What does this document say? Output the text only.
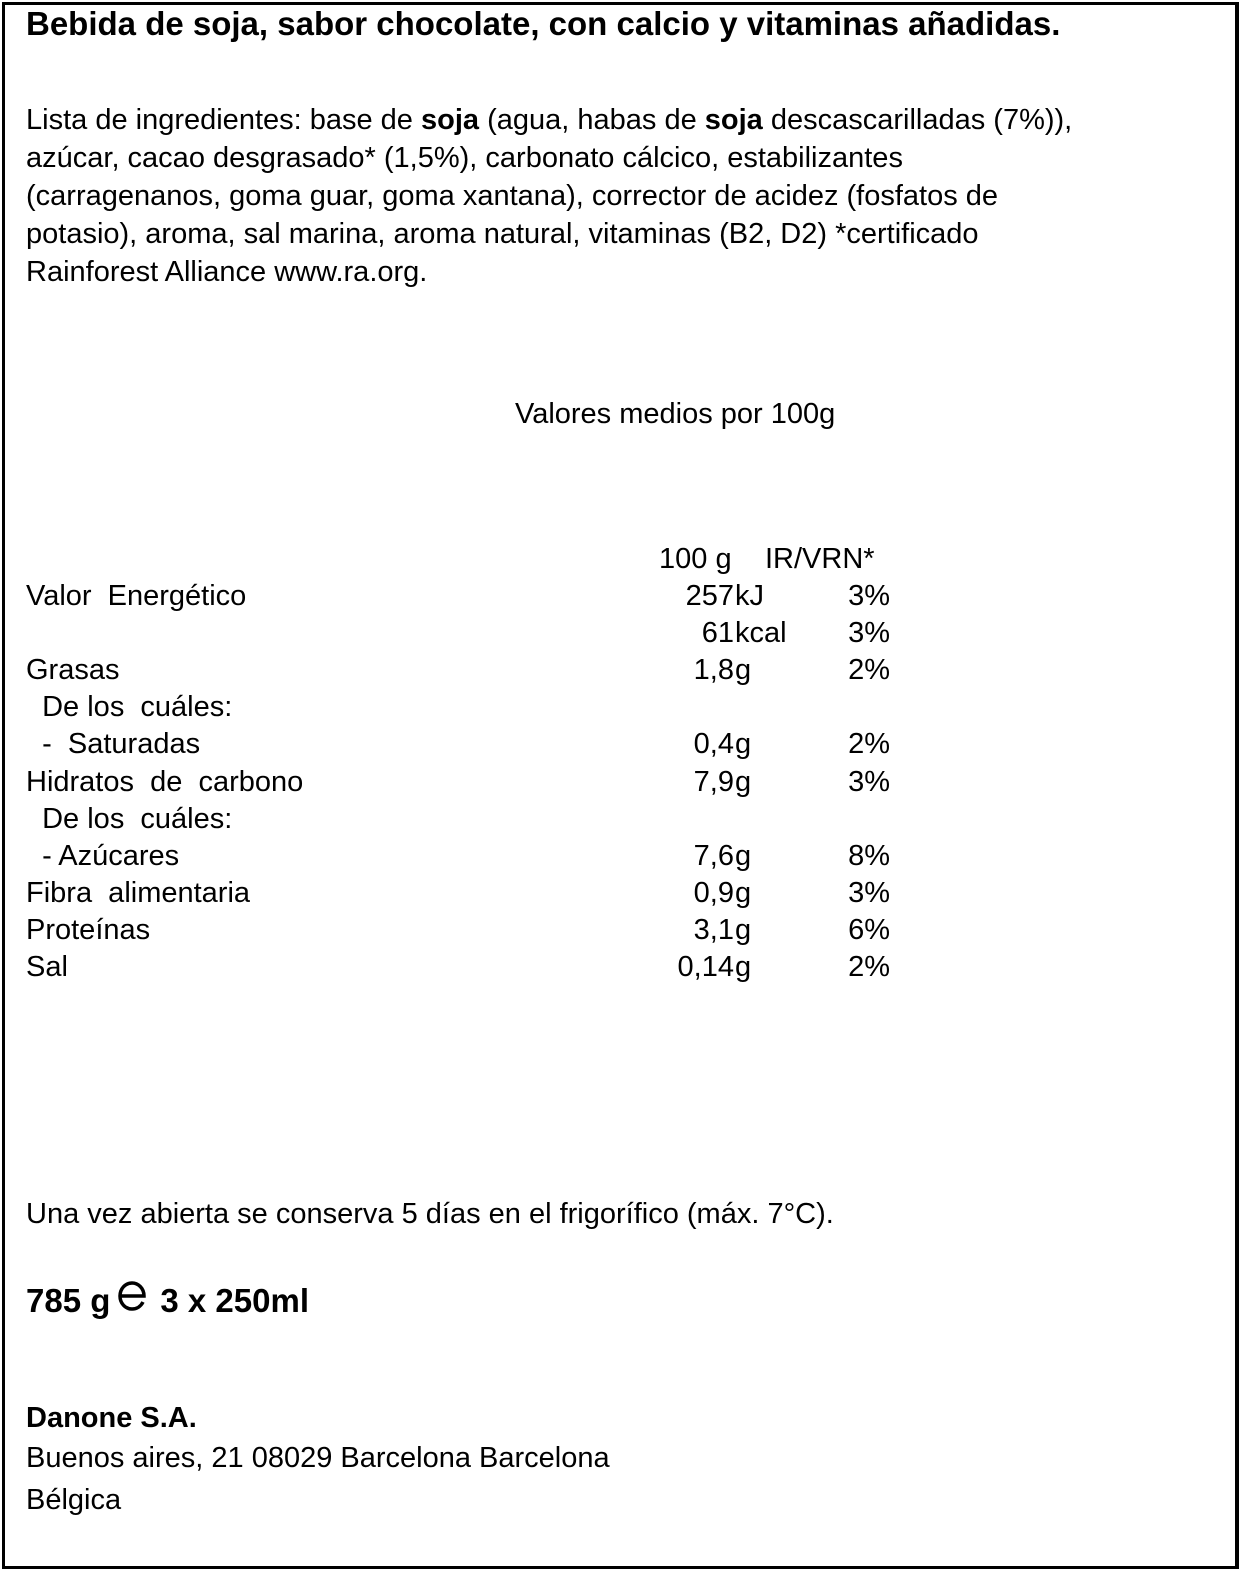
Bebida de soja, sabor chocolate, con calcio y vitaminas añadidas.
Lista de ingredientes: base de soja (agua, habas de soja descascarilladas (7%)),
azúcar, cacao desgrasado* (1,5%), carbonato cálcico, estabilizantes
(carragenanos, goma guar, goma xantana), corrector de acidez (fosfatos de
potasio), aroma, sal marina, aroma natural, vitaminas (B2, D2) *certificado
Rainforest Alliance www.ra.org.
Valores medios por 100g
100 g IR/VRN*
Valor  Energético	257 kJ	3%
61 kcal 3%
Grasas	1,8 g	2%
De los  cuáles:
-  Saturadas	0,4 g	2%
Hidratos  de  carbono	7,9 g	3%
De los  cuáles:
- Azúcares	7,6 g	8%
Fibra  alimentaria	0,9 g	3%
Proteínas	3,1 g	6%
Sal	0,14 g	2%
Una vez abierta se conserva 5 días en el frigorífico (máx. 7°C).
785 g 3 x 250ml
Danone S.A.
Buenos aires, 21 08029 Barcelona Barcelona
Bélgica
